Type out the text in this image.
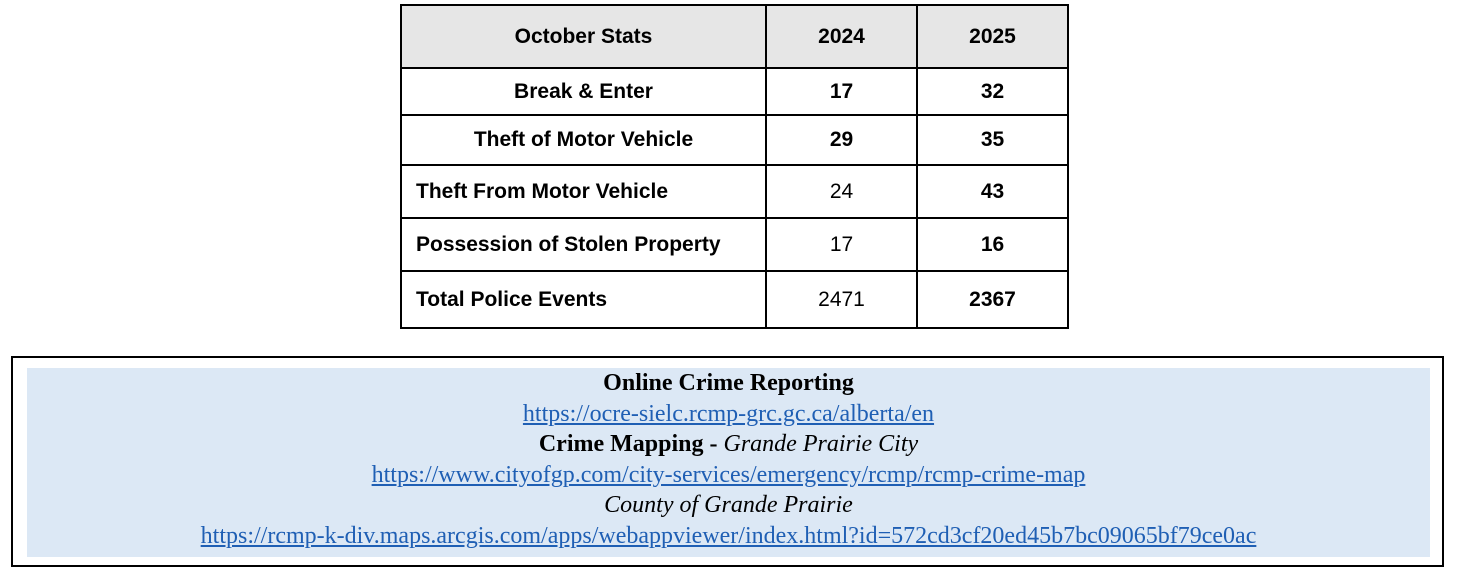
October Stats	2024	2025
Break & Enter	17	32
Theft of Motor Vehicle	29	35
Theft From Motor Vehicle	24	43
Possession of Stolen Property	17	16
Total Police Events	2471	2367
Online Crime Reporting
https://ocre-sielc.rcmp-grc.gc.ca/alberta/en
Crime Mapping - Grande Prairie City
https://www.cityofgp.com/city-services/emergency/rcmp/rcmp-crime-map
County of Grande Prairie
https://rcmp-k-div.maps.arcgis.com/apps/webappviewer/index.html?id=572cd3cf20ed45b7bc09065bf79ce0ac
